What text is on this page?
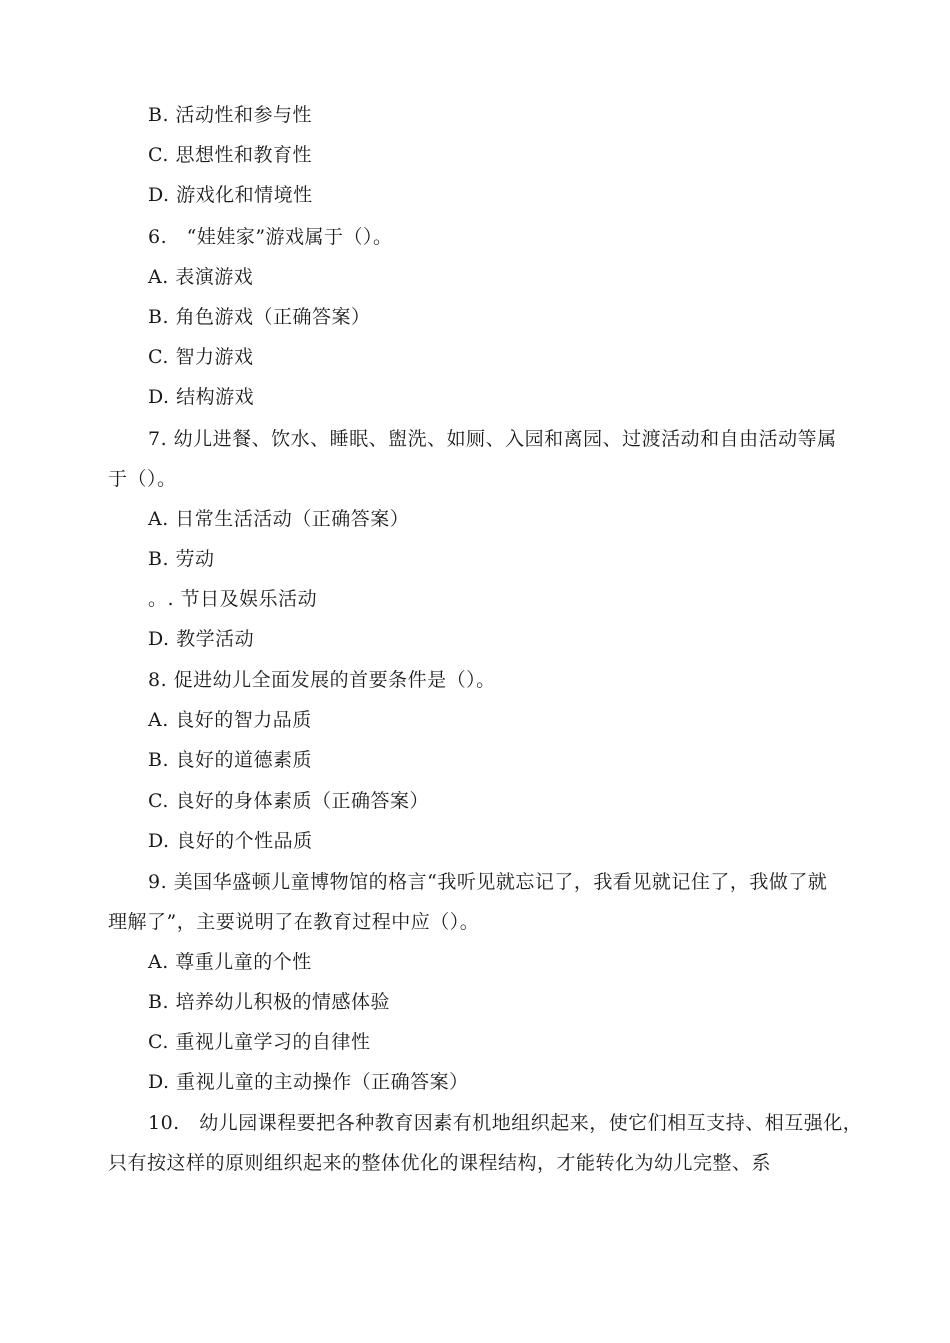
B. 活动性和参与性
C. 思想性和教育性
D. 游戏化和情境性
6.　“娃娃家”游戏属于（）。
A. 表演游戏
B. 角色游戏（正确答案）
C. 智力游戏
D. 结构游戏
7. 幼儿进餐、饮水、睡眠、盥洗、如厕、入园和离园、过渡活动和自由活动等属
于（）。
A. 日常生活活动（正确答案）
B. 劳动
。. 节日及娱乐活动
D. 教学活动
8. 促进幼儿全面发展的首要条件是（）。
A. 良好的智力品质
B. 良好的道德素质
C. 良好的身体素质（正确答案）
D. 良好的个性品质
9. 美国华盛顿儿童博物馆的格言“我听见就忘记了，我看见就记住了，我做了就
理解了”，主要说明了在教育过程中应（）。
A. 尊重儿童的个性
B. 培养幼儿积极的情感体验
C. 重视儿童学习的自律性
D. 重视儿童的主动操作（正确答案）
10.　幼儿园课程要把各种教育因素有机地组织起来，使它们相互支持、相互强化，
只有按这样的原则组织起来的整体优化的课程结构，才能转化为幼儿完整、系
